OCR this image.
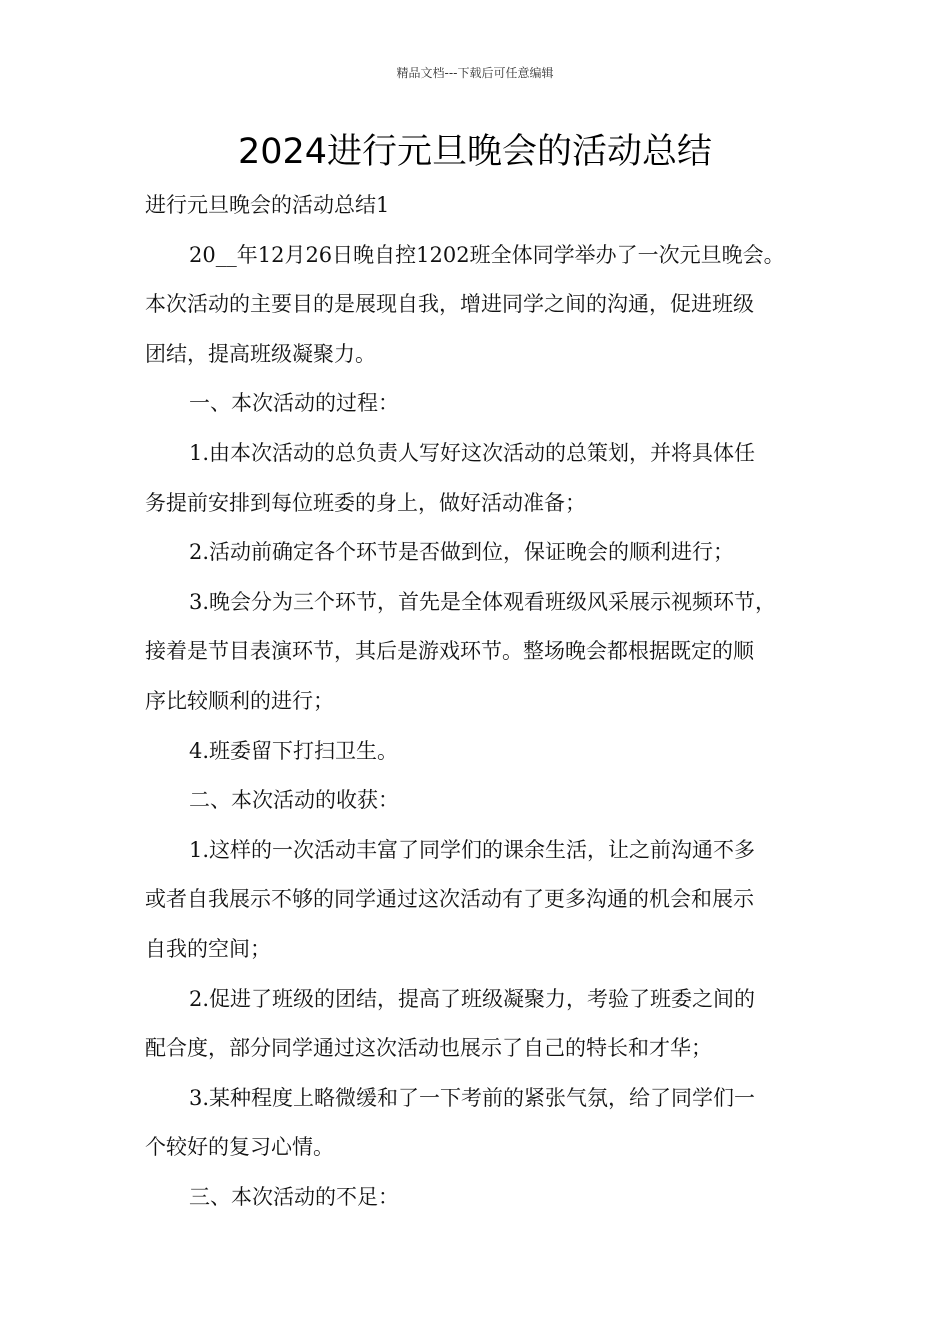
精品文档---下载后可任意编辑
2024进行元旦晚会的活动总结

进行元旦晚会的活动总结1

20__年12月26日晚自控1202班全体同学举办了一次元旦晚会。

本次活动的主要目的是展现自我，增进同学之间的沟通，促进班级

团结，提高班级凝聚力。

一、本次活动的过程：

1.由本次活动的总负责人写好这次活动的总策划，并将具体任

务提前安排到每位班委的身上，做好活动准备；

2.活动前确定各个环节是否做到位，保证晚会的顺利进行；

3.晚会分为三个环节，首先是全体观看班级风采展示视频环节，

接着是节目表演环节，其后是游戏环节。整场晚会都根据既定的顺

序比较顺利的进行；

4.班委留下打扫卫生。

二、本次活动的收获：

1.这样的一次活动丰富了同学们的课余生活，让之前沟通不多

或者自我展示不够的同学通过这次活动有了更多沟通的机会和展示

自我的空间；

2.促进了班级的团结，提高了班级凝聚力，考验了班委之间的

配合度，部分同学通过这次活动也展示了自己的特长和才华；

3.某种程度上略微缓和了一下考前的紧张气氛，给了同学们一

个较好的复习心情。

三、本次活动的不足：
